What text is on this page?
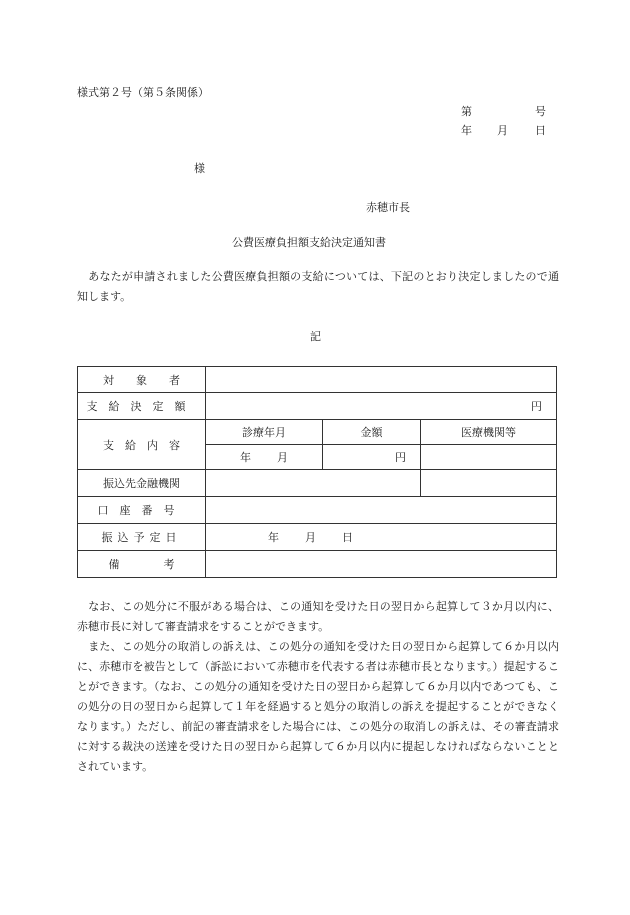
様式第２号（第５条関係）
第	号
年 月 日
様
赤穂市長
公費医療負担額支給決定通知書

　あなたが申請されました公費医療負担額の支給については、下記のとおり決定しましたので通知します。

記
対　　象　　者			
支給決定額	円		
支　給　内　容	診療年月	金額	医療機関等
	年 月	円	
振込先金融機関			
口座番号			
振込予定日	年 月 日		
備　　　　考			

　なお、この処分に不服がある場合は、この通知を受けた日の翌日から起算して３か月以内に、赤穂市長に対して審査請求をすることができます。

　また、この処分の取消しの訴えは、この処分の通知を受けた日の翌日から起算して６か月以内に、赤穂市を被告として（訴訟において赤穂市を代表する者は赤穂市長となります。）提起することができます。（なお、この処分の通知を受けた日の翌日から起算して６か月以内であつても、この処分の日の翌日から起算して１年を経過すると処分の取消しの訴えを提起することができなくなります。）ただし、前記の審査請求をした場合には、この処分の取消しの訴えは、その審査請求に対する裁決の送達を受けた日の翌日から起算して６か月以内に提起しなければならないこととされています。
